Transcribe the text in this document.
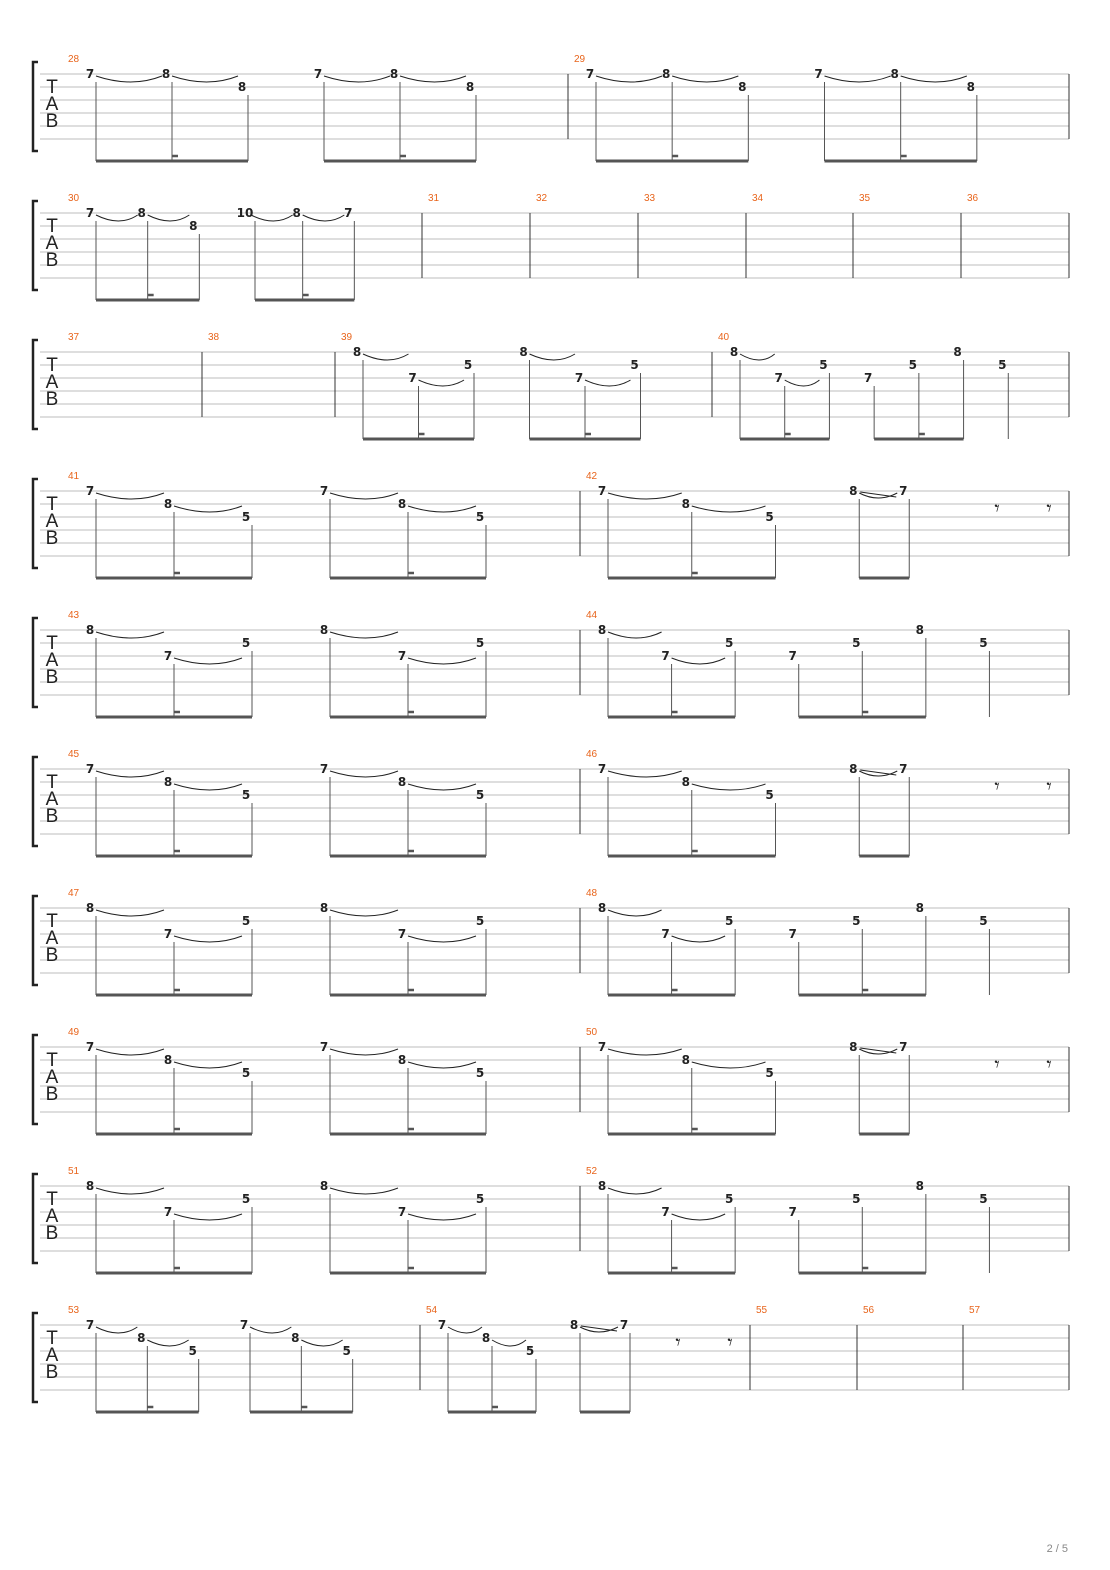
T
A
B
28
7	8
8
7	8
8
29
7	8
8
7	8
8
T
A
B
30
7	8
8
10	8	7
31	32	33	34	35	36
T
A
B
37	38	39
8
7
5
8
7
5
40
8
7
5
7
5
8
5
T
A
B
41
7
8
5
7
8
5
42
7
8
5
8	7
𝄾 𝄾
T
A
B
43
8
7
5
8
7
5
44
8
7
5
7
5
8
5
T
A
B
45
7
8
5
7
8
5
46
7
8
5
8	7
𝄾 𝄾
T
A
B
47
8
7
5
8
7
5
48
8
7
5
7
5
8
5
T
A
B
49
7
8
5
7
8
5
50
7
8
5
8	7
𝄾 𝄾
T
A
B
51
8
7
5
8
7
5
52
8
7
5
7
5
8
5
T
A
B
53
7
8
5
7
8
5
54
7
8
5
8	7
𝄾 𝄾
55	56	57
2 / 5
